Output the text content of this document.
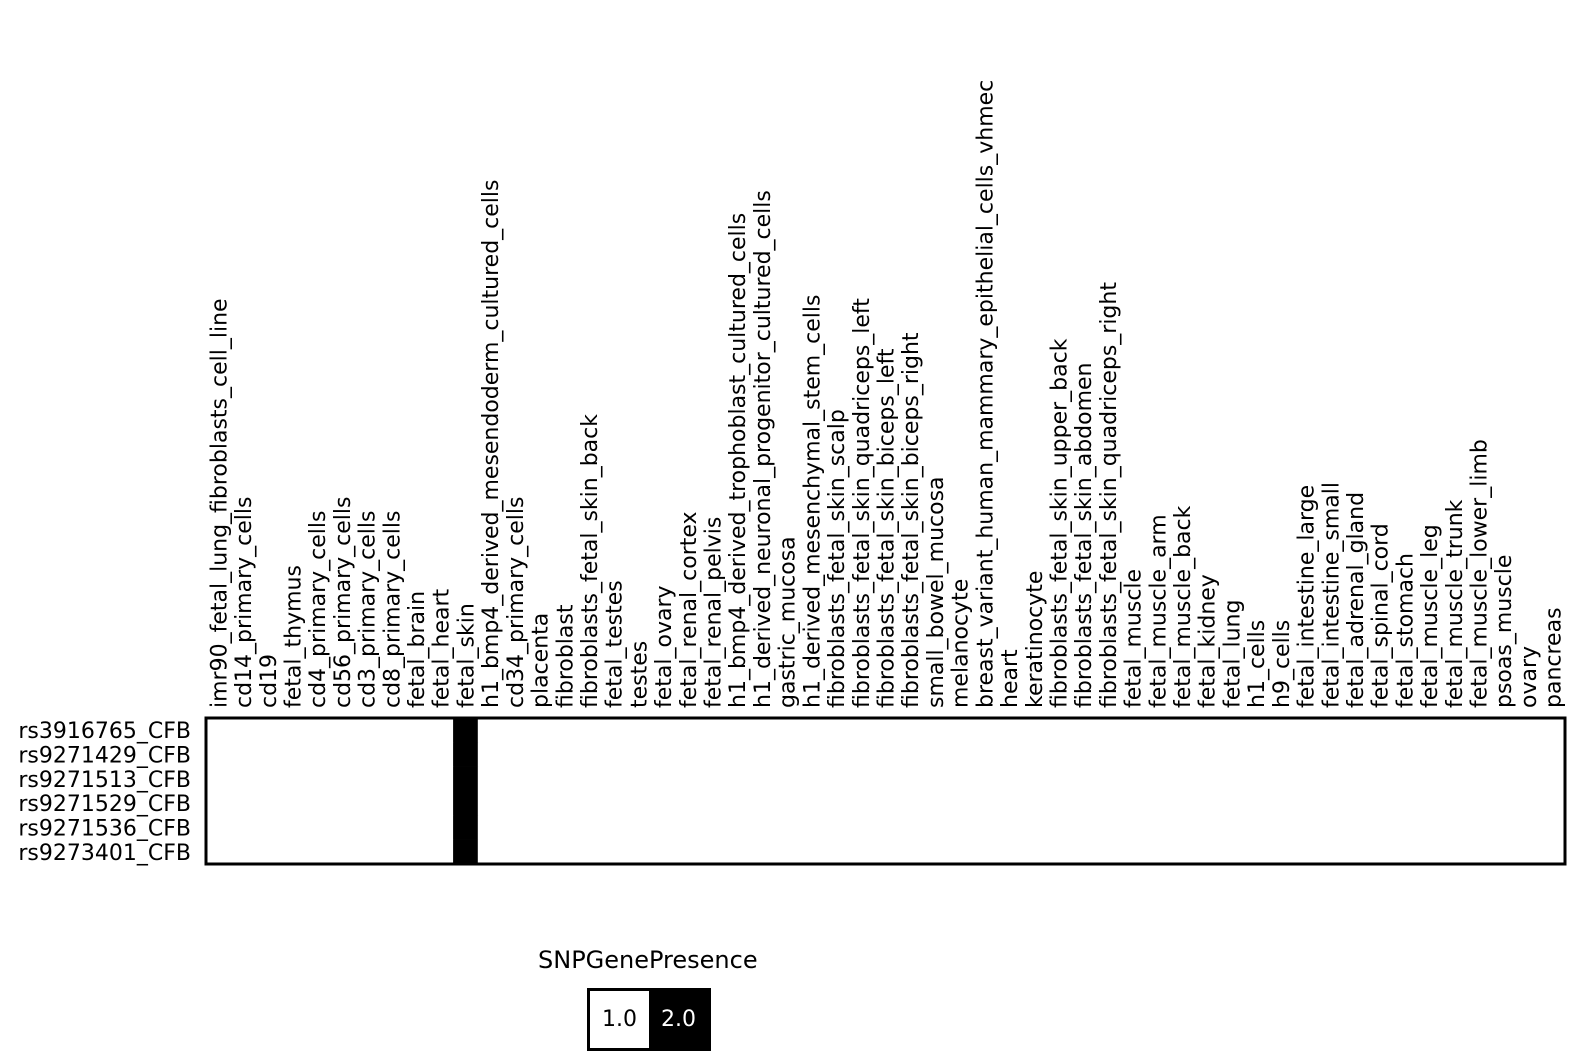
imr90_fetal_lung_fibroblasts_cell_line cd14_primary_cells cd19 fetal_thymus cd4_primary_cells cd56_primary_cells cd3_primary_cells cd8_primary_cells fetal_brain fetal_heart fetal_skin h1_bmp4_derived_mesendoderm_cultured_cells cd34_primary_cells placenta fibroblast fibroblasts_fetal_skin_back fetal_testes testes fetal_ovary fetal_renal_cortex fetal_renal_pelvis h1_bmp4_derived_trophoblast_cultured_cells h1_derived_neuronal_progenitor_cultured_cells gastric_mucosa h1_derived_mesenchymal_stem_cells fibroblasts_fetal_skin_scalp fibroblasts_fetal_skin_quadriceps_left fibroblasts_fetal_skin_biceps_left fibroblasts_fetal_skin_biceps_right small_bowel_mucosa melanocyte breast_variant_human_mammary_epithelial_cells_vhmec heart keratinocyte fibroblasts_fetal_skin_upper_back fibroblasts_fetal_skin_abdomen fibroblasts_fetal_skin_quadriceps_right fetal_muscle fetal_muscle_arm fetal_muscle_back fetal_kidney fetal_lung h1_cells h9_cells fetal_intestine_large fetal_intestine_small fetal_adrenal_gland fetal_spinal_cord fetal_stomach fetal_muscle_leg fetal_muscle_trunk fetal_muscle_lower_limb psoas_muscle ovary pancreas
rs3916765_CFB
rs9271429_CFB
rs9271513_CFB
rs9271529_CFB
rs9271536_CFB
rs9273401_CFB
SNPGenePresence
1.0	2.0
